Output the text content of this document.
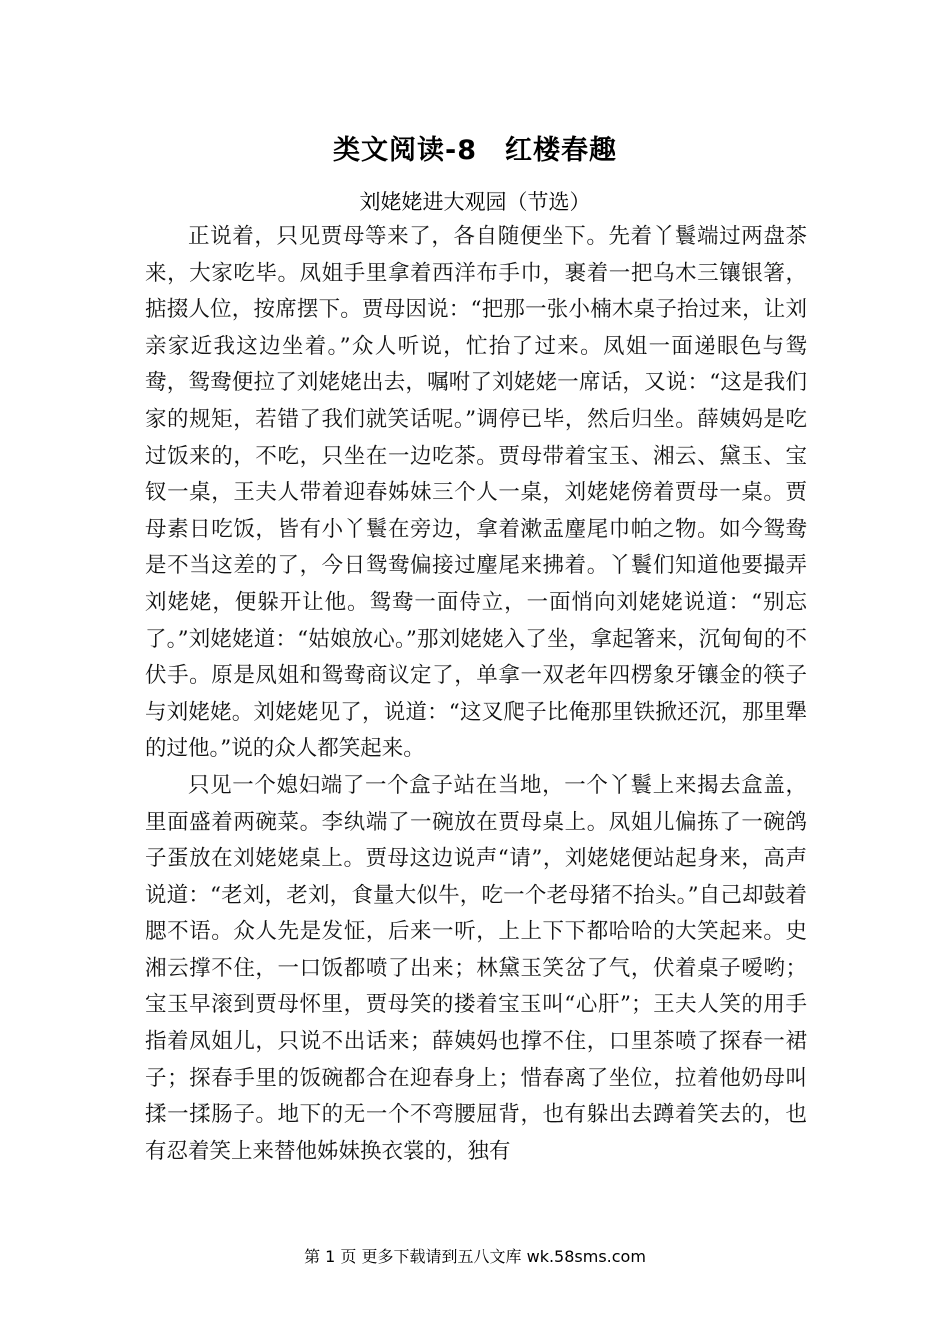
类文阅读-8　红楼春趣
刘姥姥进大观园（节选）

正说着，只见贾母等来了，各自随便坐下。先着丫鬟端过两盘茶来，大家吃毕。凤姐手里拿着西洋布手巾，裹着一把乌木三镶银箸，掂掇人位，按席摆下。贾母因说：“把那一张小楠木桌子抬过来，让刘亲家近我这边坐着。”众人听说，忙抬了过来。凤姐一面递眼色与鸳鸯，鸳鸯便拉了刘姥姥出去，嘱咐了刘姥姥一席话，又说：“这是我们家的规矩，若错了我们就笑话呢。”调停已毕，然后归坐。薛姨妈是吃过饭来的，不吃，只坐在一边吃茶。贾母带着宝玉、湘云、黛玉、宝钗一桌，王夫人带着迎春姊妹三个人一桌，刘姥姥傍着贾母一桌。贾母素日吃饭，皆有小丫鬟在旁边，拿着漱盂麈尾巾帕之物。如今鸳鸯是不当这差的了，今日鸳鸯偏接过麈尾来拂着。丫鬟们知道他要撮弄刘姥姥，便躲开让他。鸳鸯一面侍立，一面悄向刘姥姥说道：“别忘了。”刘姥姥道：“姑娘放心。”那刘姥姥入了坐，拿起箸来，沉甸甸的不伏手。原是凤姐和鸳鸯商议定了，单拿一双老年四楞象牙镶金的筷子与刘姥姥。刘姥姥见了，说道：“这叉爬子比俺那里铁掀还沉，那里犟的过他。”说的众人都笑起来。

只见一个媳妇端了一个盒子站在当地，一个丫鬟上来揭去盒盖，里面盛着两碗菜。李纨端了一碗放在贾母桌上。凤姐儿偏拣了一碗鸽子蛋放在刘姥姥桌上。贾母这边说声“请”，刘姥姥便站起身来，高声说道：“老刘，老刘，食量大似牛，吃一个老母猪不抬头。”自己却鼓着腮不语。众人先是发怔，后来一听，上上下下都哈哈的大笑起来。史湘云撑不住，一口饭都喷了出来；林黛玉笑岔了气，伏着桌子嗳哟；宝玉早滚到贾母怀里，贾母笑的搂着宝玉叫“心肝”；王夫人笑的用手指着凤姐儿，只说不出话来；薛姨妈也撑不住，口里茶喷了探春一裙子；探春手里的饭碗都合在迎春身上；惜春离了坐位，拉着他奶母叫揉一揉肠子。地下的无一个不弯腰屈背，也有躲出去蹲着笑去的，也有忍着笑上来替他姊妹换衣裳的，独有

第 1 页 更多下载请到五八文库 wk.58sms.com
